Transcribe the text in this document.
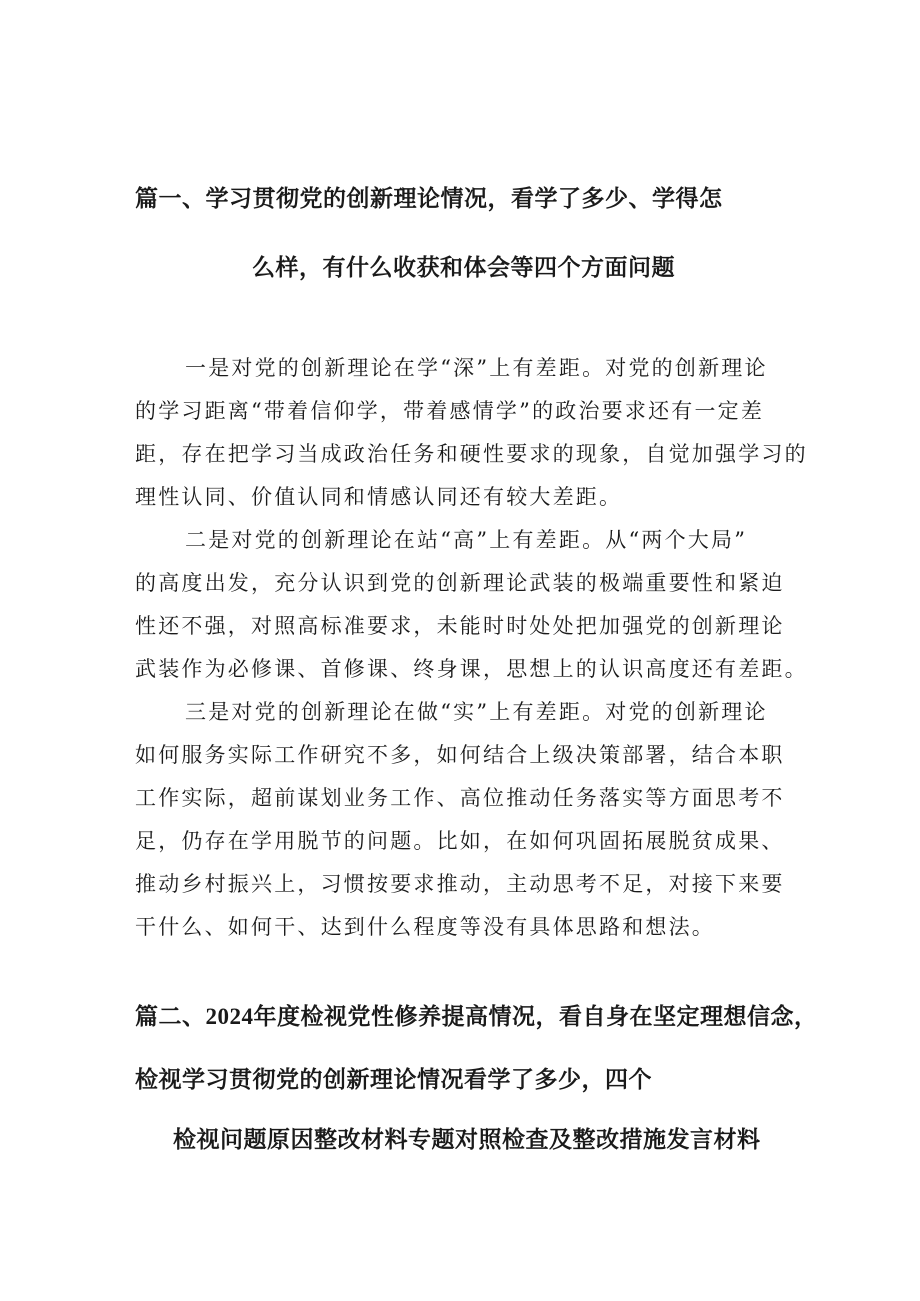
篇一、学习贯彻党的创新理论情况，看学了多少、学得怎
么样，有什么收获和体会等四个方面问题
一是对党的创新理论在学“深”上有差距。对党的创新理论
的学习距离“带着信仰学，带着感情学”的政治要求还有一定差
距，存在把学习当成政治任务和硬性要求的现象，自觉加强学习的
理性认同、价值认同和情感认同还有较大差距。
二是对党的创新理论在站“高”上有差距。从“两个大局”
的高度出发，充分认识到党的创新理论武装的极端重要性和紧迫
性还不强，对照高标准要求，未能时时处处把加强党的创新理论
武装作为必修课、首修课、终身课，思想上的认识高度还有差距。
三是对党的创新理论在做“实”上有差距。对党的创新理论
如何服务实际工作研究不多，如何结合上级决策部署，结合本职
工作实际，超前谋划业务工作、高位推动任务落实等方面思考不
足，仍存在学用脱节的问题。比如，在如何巩固拓展脱贫成果、
推动乡村振兴上，习惯按要求推动，主动思考不足，对接下来要
干什么、如何干、达到什么程度等没有具体思路和想法。
篇二、2024年度检视党性修养提高情况，看自身在坚定理想信念，
检视学习贯彻党的创新理论情况看学了多少，四个
检视问题原因整改材料专题对照检查及整改措施发言材料
